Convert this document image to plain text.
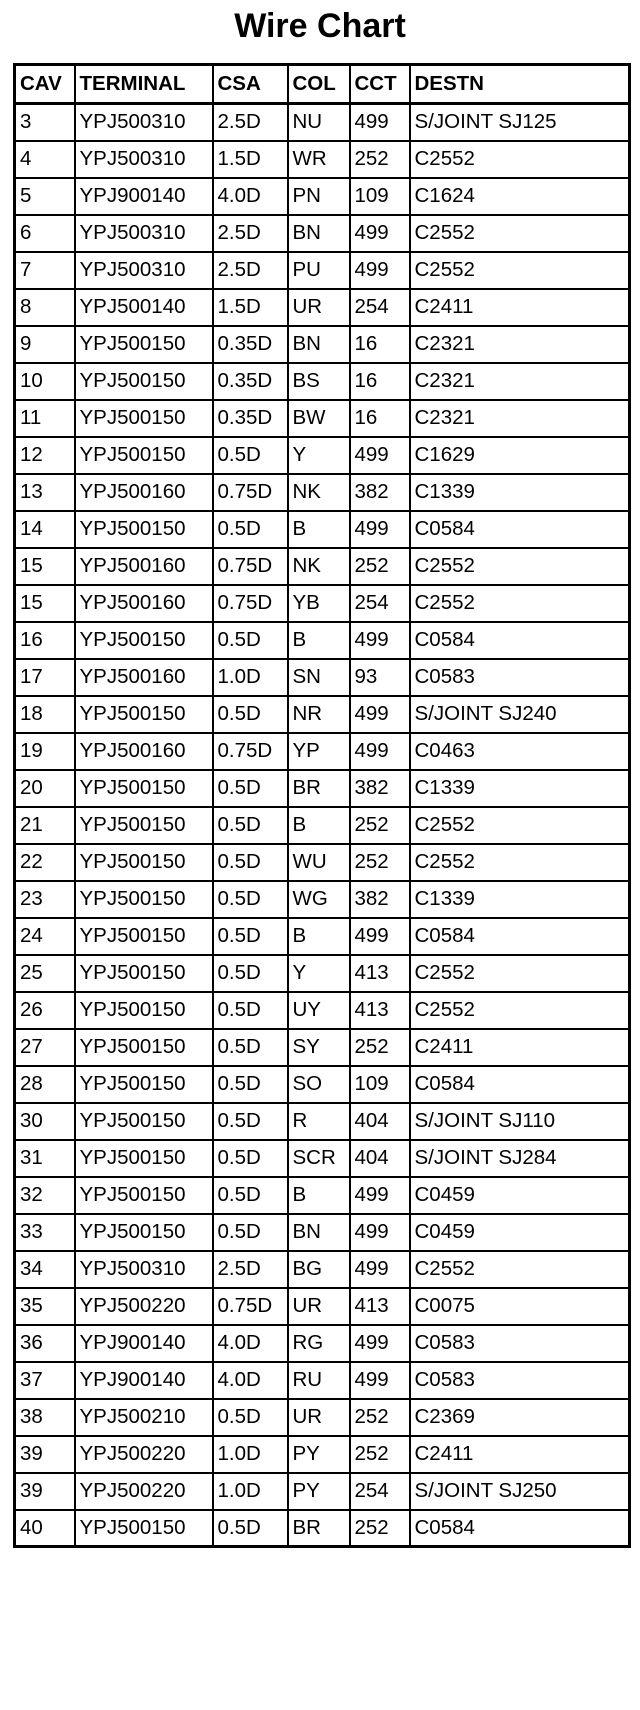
Wire Chart
CAV	TERMINAL	CSA	COL	CCT	DESTN
3	YPJ500310	2.5D	NU	499	S/JOINT SJ125
4	YPJ500310	1.5D	WR	252	C2552
5	YPJ900140	4.0D	PN	109	C1624
6	YPJ500310	2.5D	BN	499	C2552
7	YPJ500310	2.5D	PU	499	C2552
8	YPJ500140	1.5D	UR	254	C2411
9	YPJ500150	0.35D	BN	16	C2321
10	YPJ500150	0.35D	BS	16	C2321
11	YPJ500150	0.35D	BW	16	C2321
12	YPJ500150	0.5D	Y	499	C1629
13	YPJ500160	0.75D	NK	382	C1339
14	YPJ500150	0.5D	B	499	C0584
15	YPJ500160	0.75D	NK	252	C2552
15	YPJ500160	0.75D	YB	254	C2552
16	YPJ500150	0.5D	B	499	C0584
17	YPJ500160	1.0D	SN	93	C0583
18	YPJ500150	0.5D	NR	499	S/JOINT SJ240
19	YPJ500160	0.75D	YP	499	C0463
20	YPJ500150	0.5D	BR	382	C1339
21	YPJ500150	0.5D	B	252	C2552
22	YPJ500150	0.5D	WU	252	C2552
23	YPJ500150	0.5D	WG	382	C1339
24	YPJ500150	0.5D	B	499	C0584
25	YPJ500150	0.5D	Y	413	C2552
26	YPJ500150	0.5D	UY	413	C2552
27	YPJ500150	0.5D	SY	252	C2411
28	YPJ500150	0.5D	SO	109	C0584
30	YPJ500150	0.5D	R	404	S/JOINT SJ110
31	YPJ500150	0.5D	SCR	404	S/JOINT SJ284
32	YPJ500150	0.5D	B	499	C0459
33	YPJ500150	0.5D	BN	499	C0459
34	YPJ500310	2.5D	BG	499	C2552
35	YPJ500220	0.75D	UR	413	C0075
36	YPJ900140	4.0D	RG	499	C0583
37	YPJ900140	4.0D	RU	499	C0583
38	YPJ500210	0.5D	UR	252	C2369
39	YPJ500220	1.0D	PY	252	C2411
39	YPJ500220	1.0D	PY	254	S/JOINT SJ250
40	YPJ500150	0.5D	BR	252	C0584
